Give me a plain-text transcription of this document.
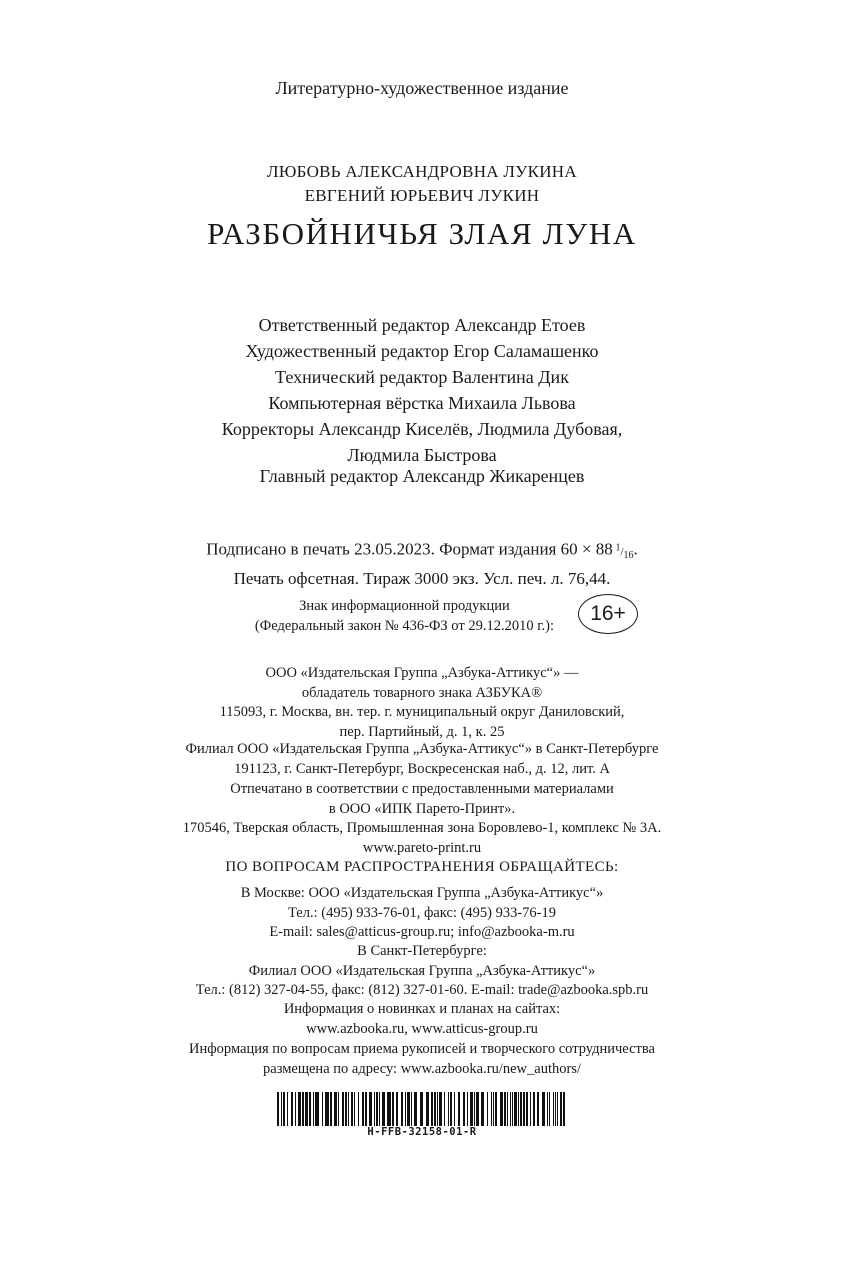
Литературно-художественное издание
ЛЮБОВЬ АЛЕКСАНДРОВНА ЛУКИНА
ЕВГЕНИЙ ЮРЬЕВИЧ ЛУКИН
РАЗБОЙНИЧЬЯ ЗЛАЯ ЛУНА
Ответственный редактор Александр Етоев
Художественный редактор Егор Саламашенко
Технический редактор Валентина Дик
Компьютерная вёрстка Михаила Львова
Корректоры Александр Киселёв, Людмила Дубовая,
Людмила Быстрова
Главный редактор Александр Жикаренцев
Подписано в печать 23.05.2023. Формат издания 60 × 88 $^1/_{16}$.
Печать офсетная. Тираж 3000 экз. Усл. печ. л. 76,44.
Знак информационной продукции
(Федеральный закон № 436-ФЗ от 29.12.2010 г.):
16+
ООО «Издательская Группа „Азбука-Аттикус“» —
обладатель товарного знака АЗБУКА®
115093, г. Москва, вн. тер. г. муниципальный округ Даниловский,
пер. Партийный, д. 1, к. 25
Филиал ООО «Издательская Группа „Азбука-Аттикус“» в Санкт-Петербурге
191123, г. Санкт-Петербург, Воскресенская наб., д. 12, лит. А
Отпечатано в соответствии с предоставленными материалами
в ООО «ИПК Парето-Принт».
170546, Тверская область, Промышленная зона Боровлево-1, комплекс № 3А.
www.pareto-print.ru
ПО ВОПРОСАМ РАСПРОСТРАНЕНИЯ ОБРАЩАЙТЕСЬ:
В Москве: ООО «Издательская Группа „Азбука-Аттикус“»
Тел.: (495) 933-76-01, факс: (495) 933-76-19
E-mail: sales@atticus-group.ru; info@azbooka-m.ru
В Санкт-Петербурге:
Филиал ООО «Издательская Группа „Азбука-Аттикус“»
Тел.: (812) 327-04-55, факс: (812) 327-01-60. E-mail: trade@azbooka.spb.ru
Информация о новинках и планах на сайтах:
www.azbooka.ru, www.atticus-group.ru
Информация по вопросам приема рукописей и творческого сотрудничества
размещена по адресу: www.azbooka.ru/new_authors/
H-FFB-32158-01-R
